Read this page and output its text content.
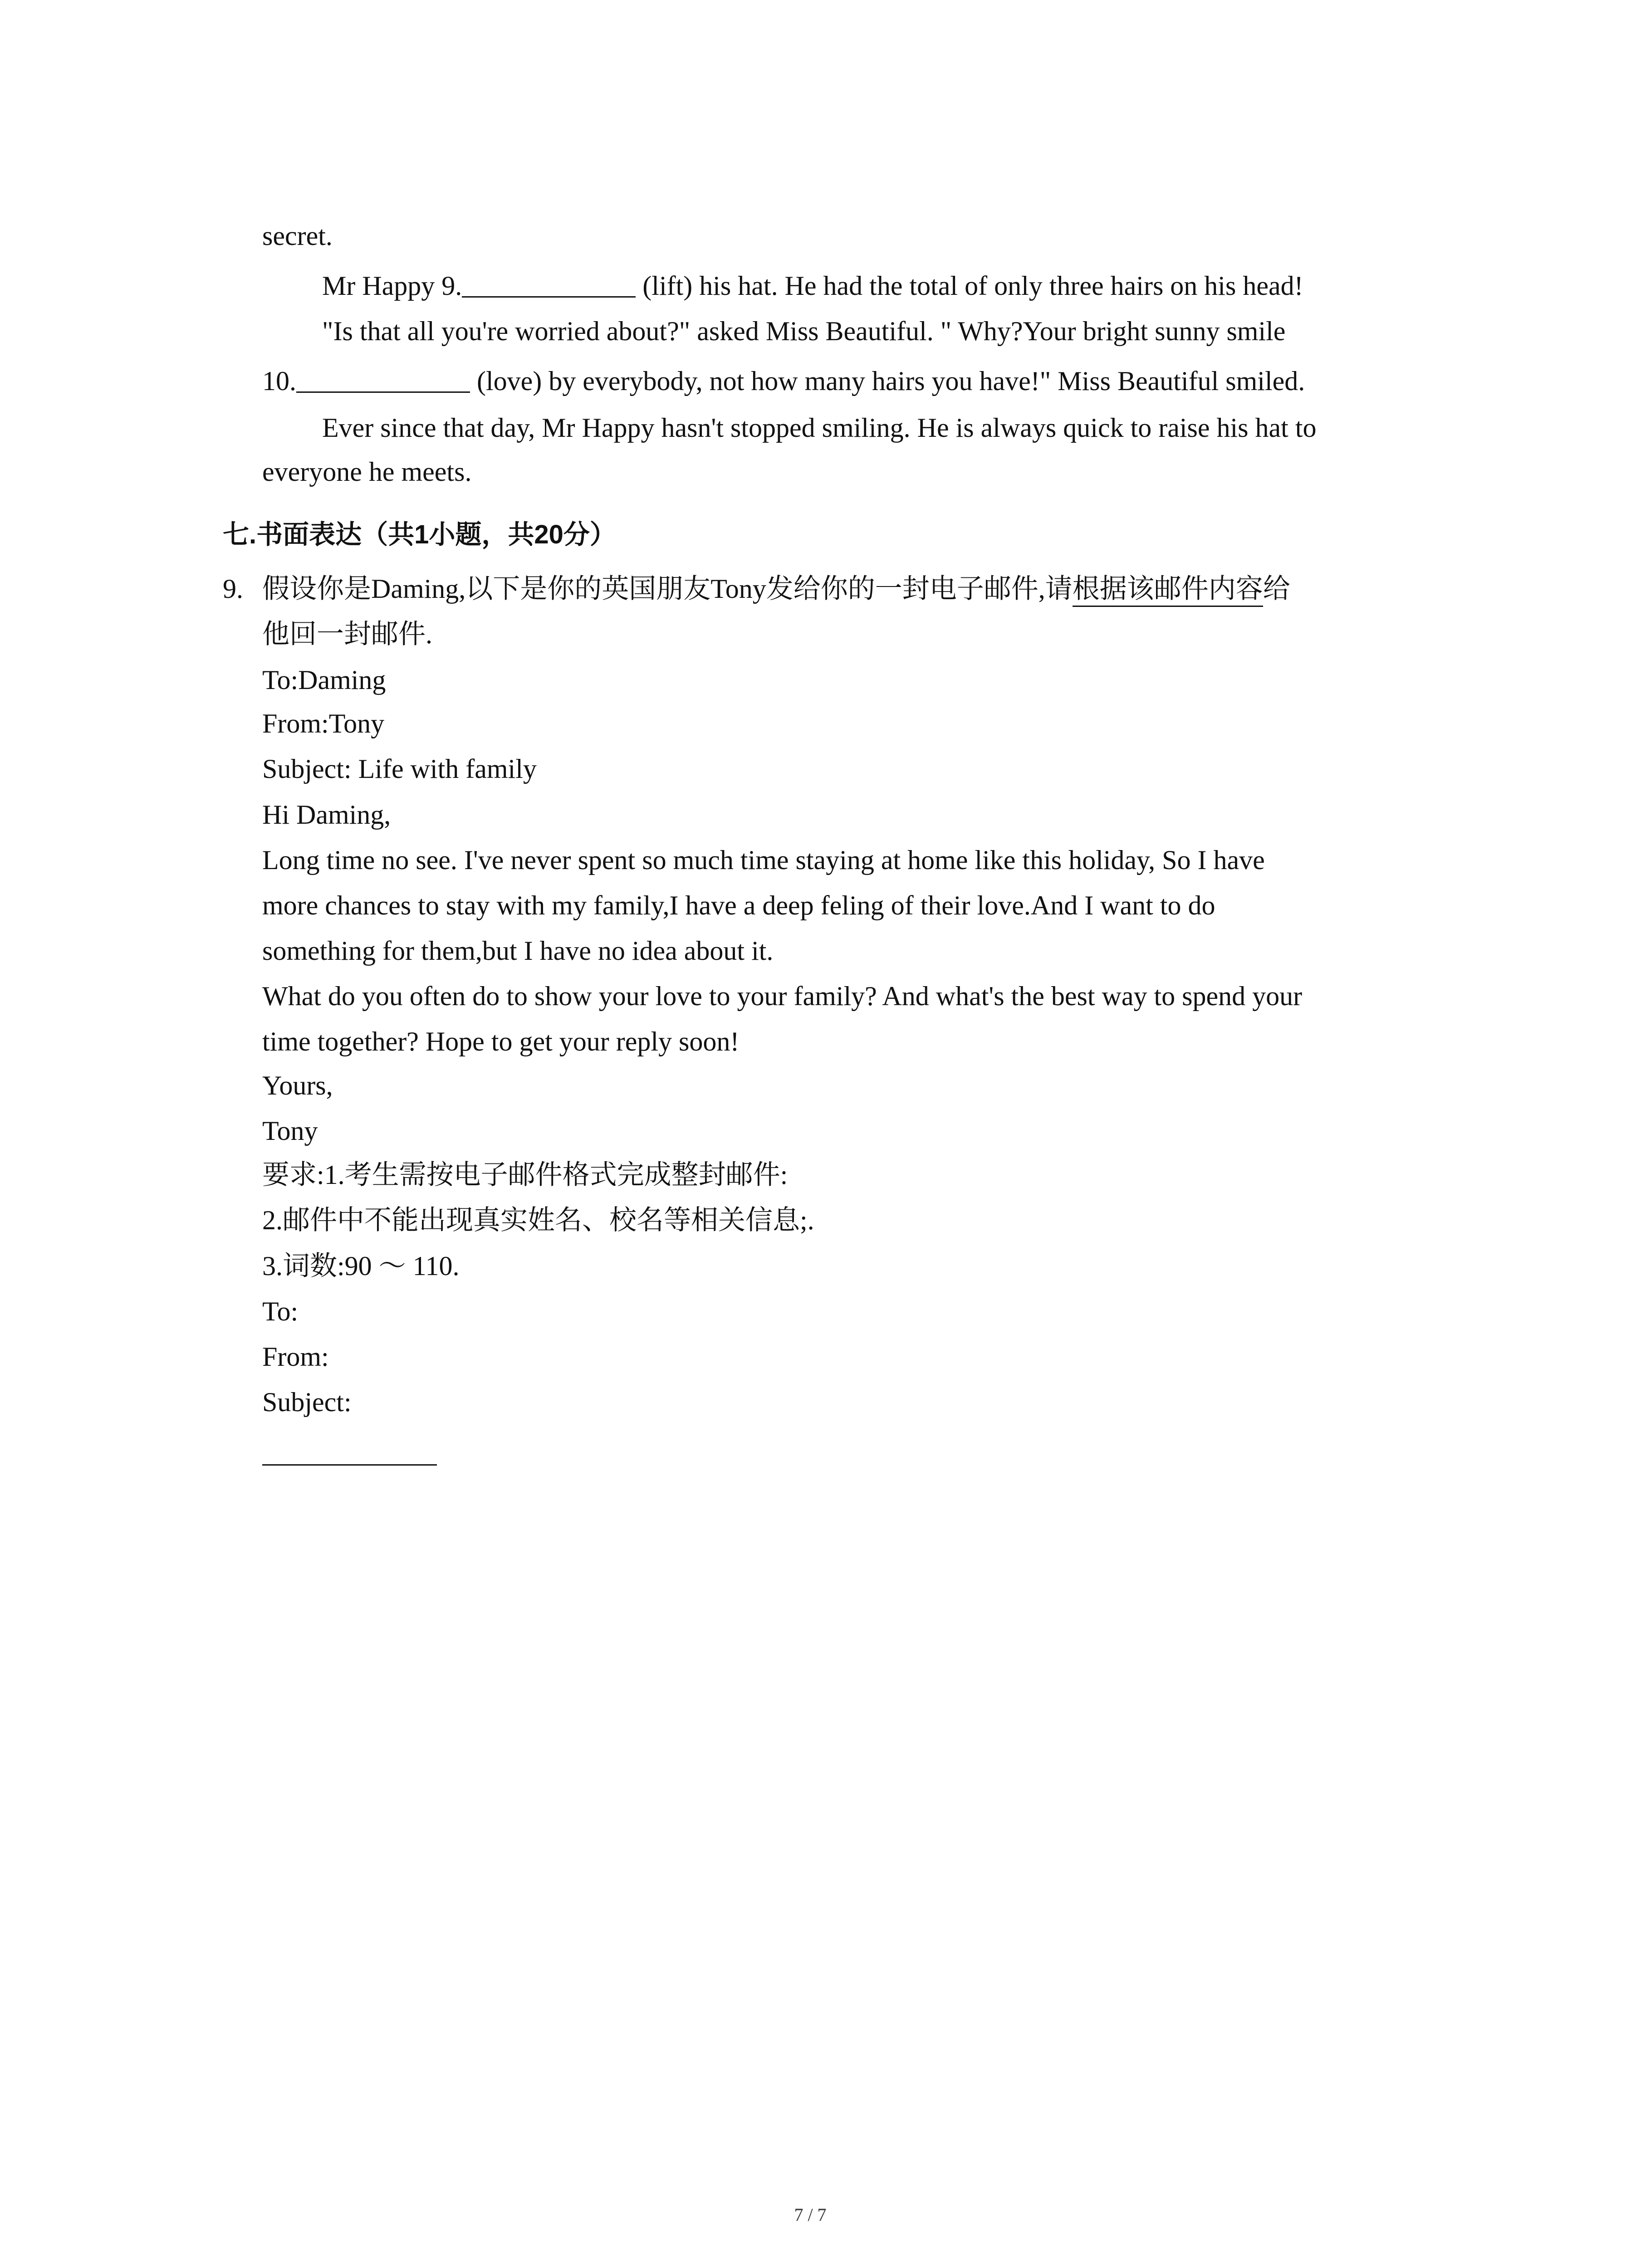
secret.
Mr Happy 9.	(lift) his hat. He had the total of only three hairs on his head!
"Is that all you're worried about?" asked Miss Beautiful. " Why?Your bright sunny smile
10.	(love) by everybody, not how many hairs you have!" Miss Beautiful smiled.
Ever since that day, Mr Happy hasn't stopped smiling. He is always quick to raise his hat to
everyone he meets.
七.书面表达（共1小题，共20分）
9. 假设你是Daming,以下是你的英国朋友Tony发给你的一封电子邮件,请根据该邮件内容给
他回一封邮件.
To:Daming
From:Tony
Subject: Life with family
Hi Daming,
Long time no see. I've never spent so much time staying at home like this holiday, So I have
more chances to stay with my family,I have a deep feling of their love.And I want to do
something for them,but I have no idea about it.
What do you often do to show your love to your family? And what's the best way to spend your
time together? Hope to get your reply soon!
Yours,
Tony
要求:1.考生需按电子邮件格式完成整封邮件:
2.邮件中不能出现真实姓名、校名等相关信息;.
3.词数:90 ～ 110.
To:
From:
Subject:
7 / 7
